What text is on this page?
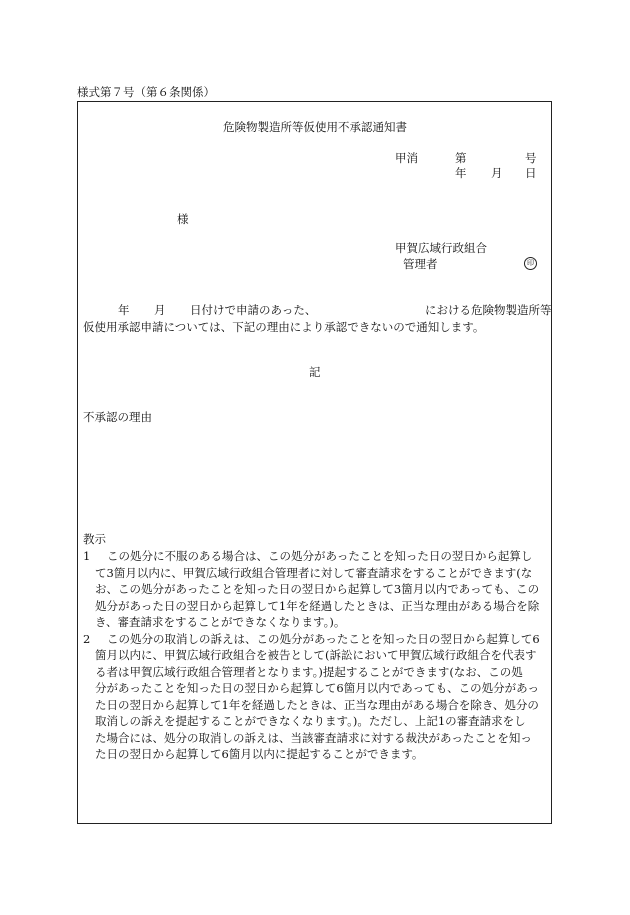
様式第７号（第６条関係）
危険物製造所等仮使用不承認通知書
甲消	第	号
年 月 日
様
甲賀広域行政組合
管理者	印
年 月 日付けで申請のあった、	における危険物製造所等
仮使用承認申請については、下記の理由により承認できないので通知します。
記
不承認の理由
教示
1	この処分に不服のある場合は、この処分があったことを知った日の翌日から起算し
て3箇月以内に、甲賀広域行政組合管理者に対して審査請求をすることができます(な
お、この処分があったことを知った日の翌日から起算して3箇月以内であっても、この
処分があった日の翌日から起算して1年を経過したときは、正当な理由がある場合を除
き、審査請求をすることができなくなります。)。
2	この処分の取消しの訴えは、この処分があったことを知った日の翌日から起算して6
箇月以内に、甲賀広域行政組合を被告として(訴訟において甲賀広域行政組合を代表す
る者は甲賀広域行政組合管理者となります。)提起することができます(なお、この処
分があったことを知った日の翌日から起算して6箇月以内であっても、この処分があっ
た日の翌日から起算して1年を経過したときは、正当な理由がある場合を除き、処分の
取消しの訴えを提起することができなくなります。)。ただし、上記1の審査請求をし
た場合には、処分の取消しの訴えは、当該審査請求に対する裁決があったことを知っ
た日の翌日から起算して6箇月以内に提起することができます。
